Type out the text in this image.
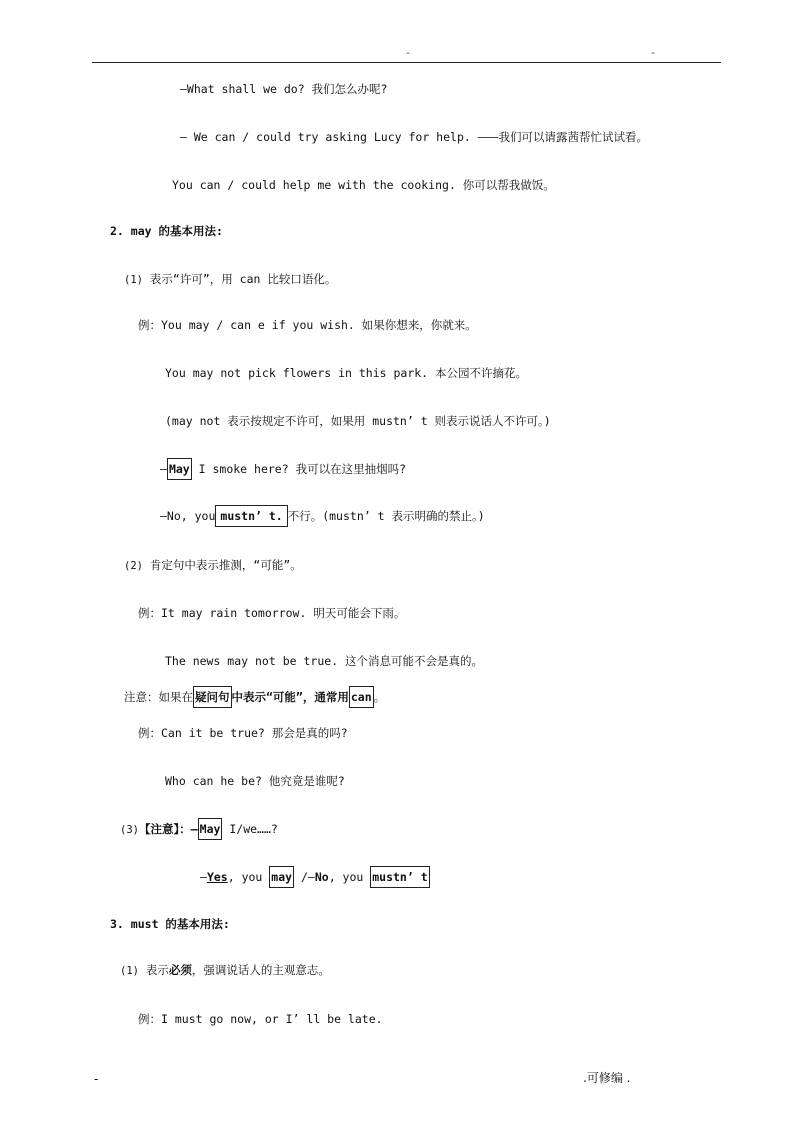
-	-
—What shall we do? 我们怎么办呢?
— We can / could try asking Lucy for help. ———我们可以请露茜帮忙试试看。
You can / could help me with the cooking. 你可以帮我做饭。
2. may 的基本用法:
(1) 表示“许可”，用 can 比较口语化。
例：You may / can e if you wish. 如果你想来，你就来。
You may not pick flowers in this park. 本公园不许摘花。
(may not 表示按规定不许可，如果用 mustn’ t 则表示说话人不许可。)
— May I smoke here? 我可以在这里抽烟吗?
—No, you mustn’ t. 不行。(mustn’ t 表示明确的禁止。)
(2) 肯定句中表示推测，“可能”。
例：It may rain tomorrow. 明天可能会下雨。
The news may not be true. 这个消息可能不会是真的。
注意：如果在 疑问句 中表示“可能”，通常用 can 。
例：Can it be true? 那会是真的吗?
Who can he be? 他究竟是谁呢?
(3)【注意】：— May I/we……?
—Yes, you may /—No, you mustn’ t
3. must 的基本用法:
(1) 表示必须，强调说话人的主观意志。
例：I must go now, or I’ ll be late.
-	.可修编 .
